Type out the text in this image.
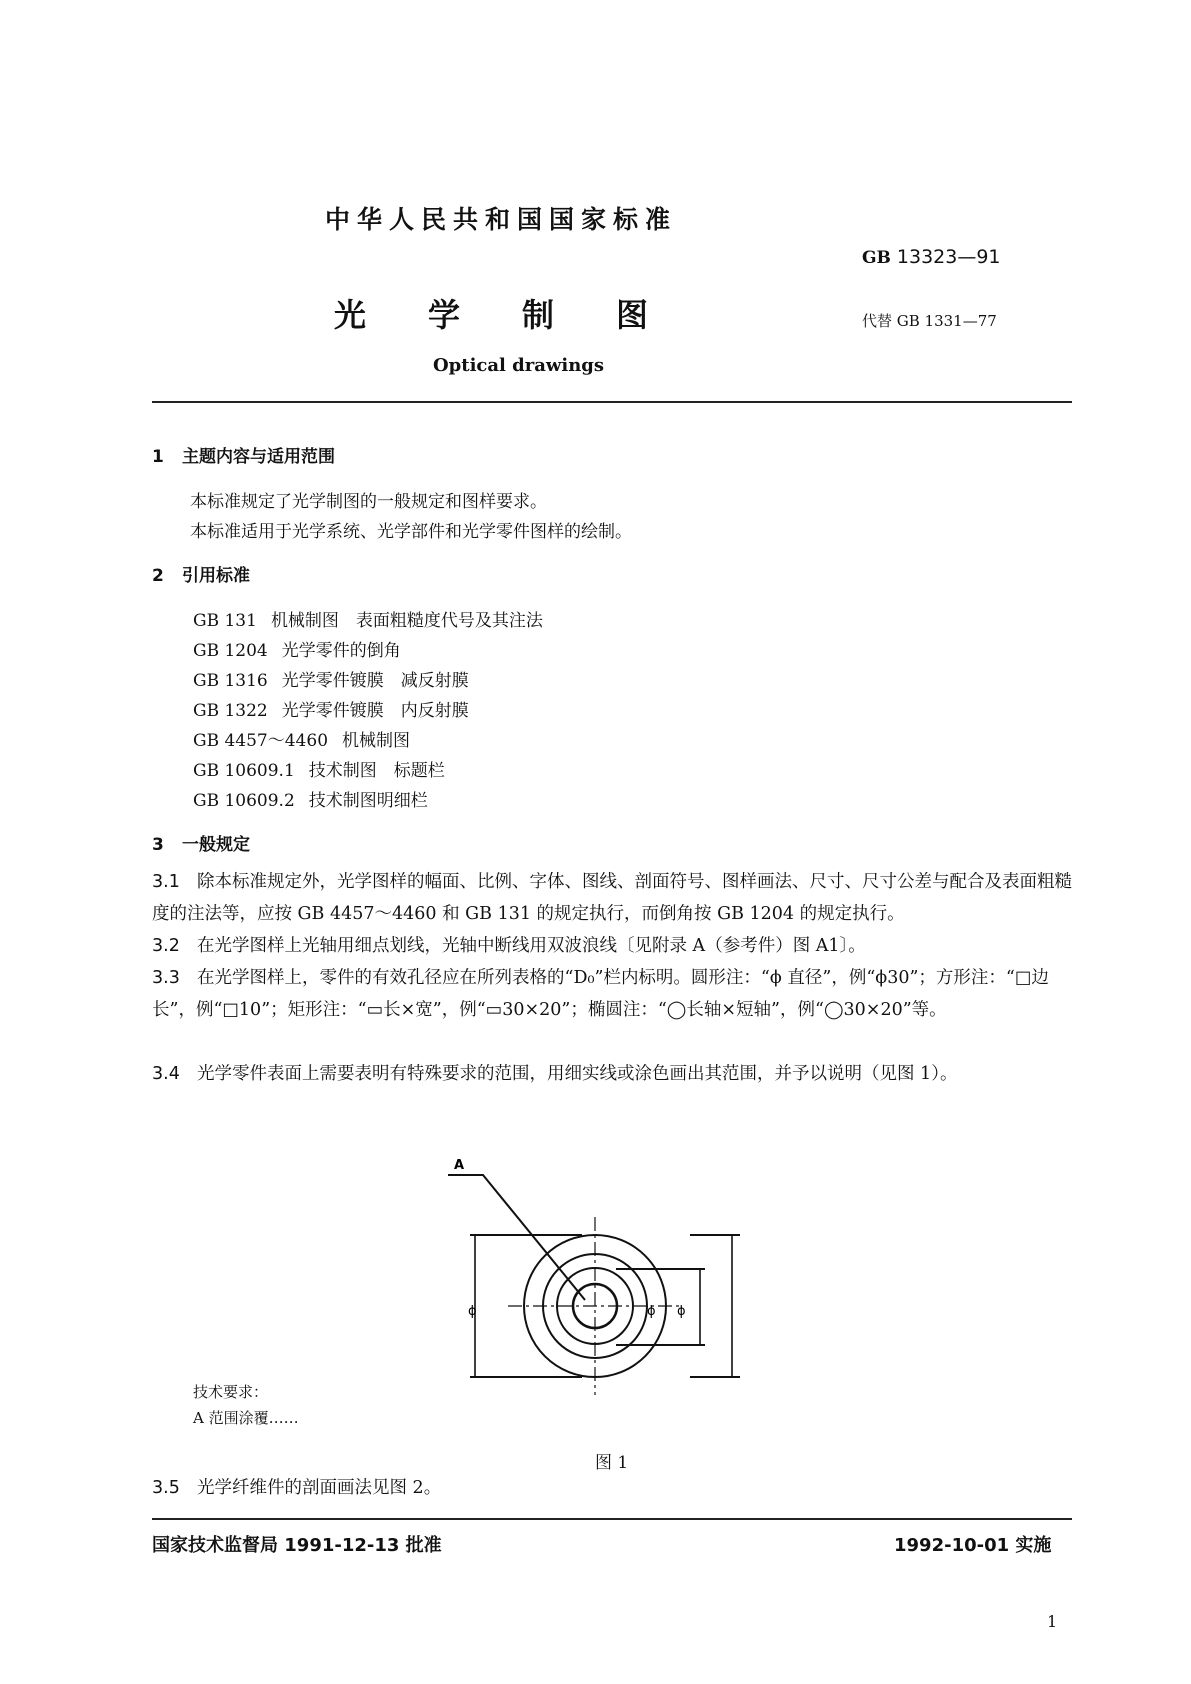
中华人民共和国国家标准
GB 13323—91
光 学 制 图	代替 GB 1331—77
Optical drawings
1 主题内容与适用范围
本标准规定了光学制图的一般规定和图样要求。
本标准适用于光学系统、光学部件和光学零件图样的绘制。
2 引用标准
GB 131 机械制图　表面粗糙度代号及其注法
GB 1204 光学零件的倒角
GB 1316 光学零件镀膜　减反射膜
GB 1322 光学零件镀膜　内反射膜
GB 4457～4460 机械制图
GB 10609.1 技术制图　标题栏
GB 10609.2 技术制图明细栏
3 一般规定
3.1 除本标准规定外，光学图样的幅面、比例、字体、图线、剖面符号、图样画法、尺寸、尺寸公差与配合及表面粗糙度的注法等，应按 GB 4457～4460 和 GB 131 的规定执行，而倒角按 GB 1204 的规定执行。
3.2 在光学图样上光轴用细点划线，光轴中断线用双波浪线〔见附录 A（参考件）图 A1〕。
3.3 在光学图样上，零件的有效孔径应在所列表格的“D₀”栏内标明。圆形注：“ϕ 直径”，例“ϕ30”；方形注：“□边长”，例“□10”；矩形注：“▭长×宽”，例“▭30×20”；椭圆注：“◯长轴×短轴”，例“◯30×20”等。
3.4 光学零件表面上需要表明有特殊要求的范围，用细实线或涂色画出其范围，并予以说明（见图 1）。
A
ϕ	ϕ ϕ
技术要求：
A 范围涂覆……
图 1
3.5 光学纤维件的剖面画法见图 2。
国家技术监督局 1991-12-13 批准	1992-10-01 实施
1
